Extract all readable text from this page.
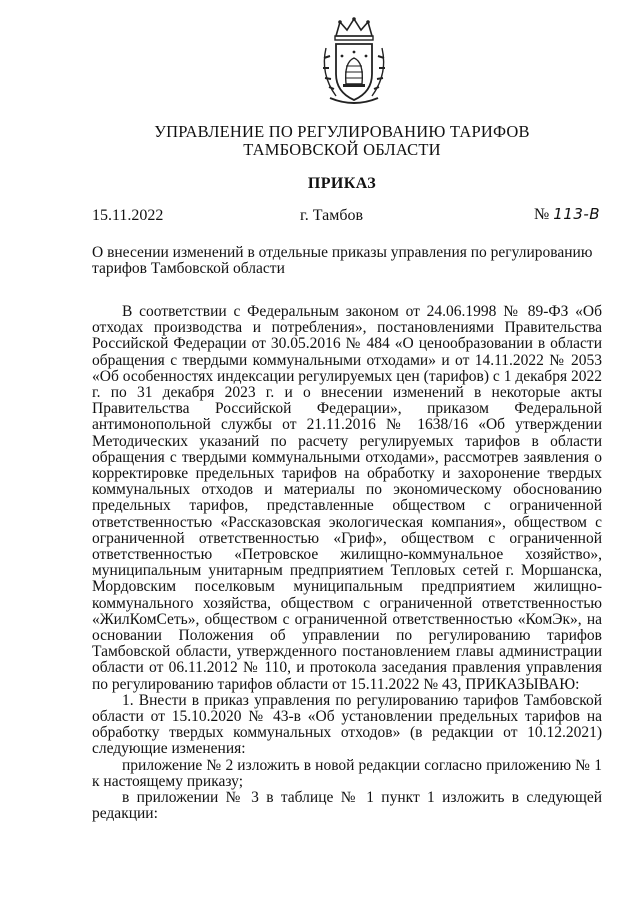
УПРАВЛЕНИЕ ПО РЕГУЛИРОВАНИЮ ТАРИФОВ
ТАМБОВСКОЙ ОБЛАСТИ
ПРИКАЗ
15.11.2022	г. Тамбов	№ 113-В
О внесении изменений в отдельные приказы управления по регулированию тарифов Тамбовской области

В соответствии с Федеральным законом от 24.06.1998 № 89-ФЗ «Об отходах производства и потребления», постановлениями Правительства Российской Федерации от 30.05.2016 № 484 «О ценообразовании в области обращения с твердыми коммунальными отходами» и от 14.11.2022 № 2053 «Об особенностях индексации регулируемых цен (тарифов) с 1 декабря 2022 г. по 31 декабря 2023 г. и о внесении изменений в некоторые акты Правительства Российской Федерации», приказом Федеральной антимонопольной службы от 21.11.2016 № 1638/16 «Об утверждении Методических указаний по расчету регулируемых тарифов в области обращения с твердыми коммунальными отходами», рассмотрев заявления о корректировке предельных тарифов на обработку и захоронение твердых коммунальных отходов и материалы по экономическому обоснованию предельных тарифов, представленные обществом с ограниченной ответственностью «Рассказовская экологическая компания», обществом с ограниченной ответственностью «Гриф», обществом с ограниченной ответственностью «Петровское жилищно-коммунальное хозяйство», муниципальным унитарным предприятием Тепловых сетей г. Моршанска, Мордовским поселковым муниципальным предприятием жилищно-коммунального хозяйства, обществом с ограниченной ответственностью «ЖилКомСеть», обществом с ограниченной ответственностью «КомЭк», на основании Положения об управлении по регулированию тарифов Тамбовской области, утвержденного постановлением главы администрации области от 06.11.2012 № 110, и протокола заседания правления управления по регулированию тарифов области от 15.11.2022 № 43, ПРИКАЗЫВАЮ:

1. Внести в приказ управления по регулированию тарифов Тамбовской области от 15.10.2020 № 43-в «Об установлении предельных тарифов на обработку твердых коммунальных отходов» (в редакции от 10.12.2021) следующие изменения:

приложение № 2 изложить в новой редакции согласно приложению № 1 к настоящему приказу;

в приложении № 3 в таблице № 1 пункт 1 изложить в следующей редакции:
